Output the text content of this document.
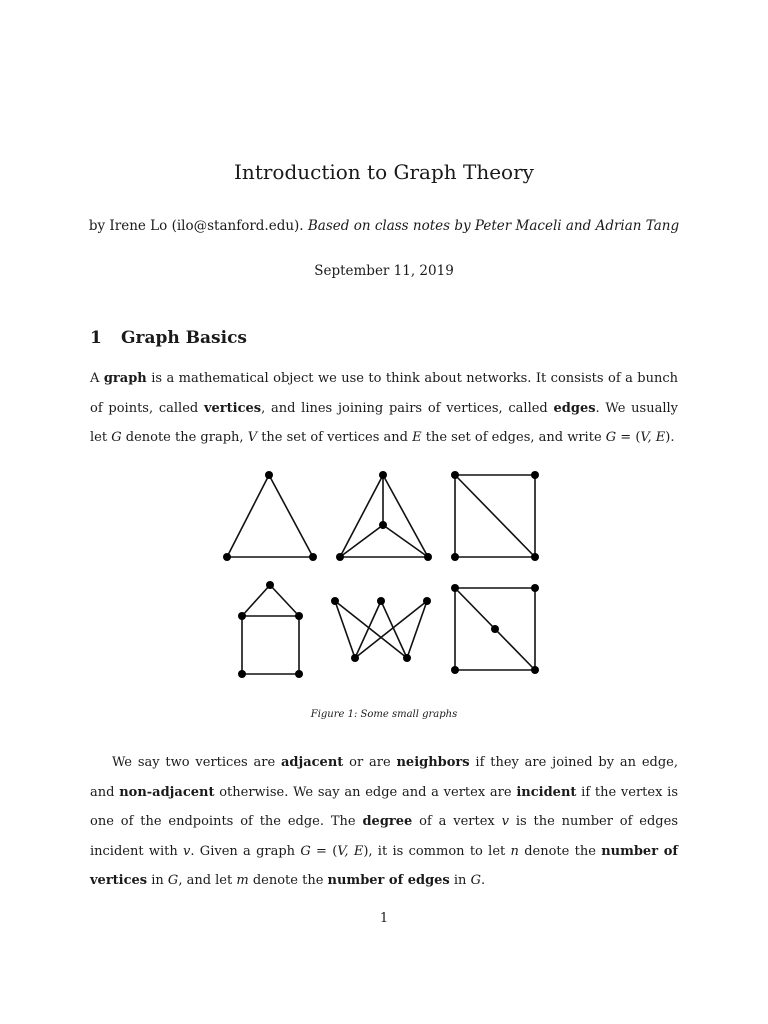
Introduction to Graph Theory
by Irene Lo (ilo@stanford.edu). Based on class notes by Peter Maceli and Adrian Tang
September 11, 2019
1 Graph Basics
A graph is a mathematical object we use to think about networks. It consists of a bunch of points, called vertices, and lines joining pairs of vertices, called edges. We usually let G denote the graph, V the set of vertices and E the set of edges, and write G = (V, E).
Figure 1: Some small graphs
We say two vertices are adjacent or are neighbors if they are joined by an edge, and non-adjacent otherwise. We say an edge and a vertex are incident if the vertex is one of the endpoints of the edge. The degree of a vertex v is the number of edges incident with v. Given a graph G = (V, E), it is common to let n denote the number of vertices in G, and let m denote the number of edges in G.
1
